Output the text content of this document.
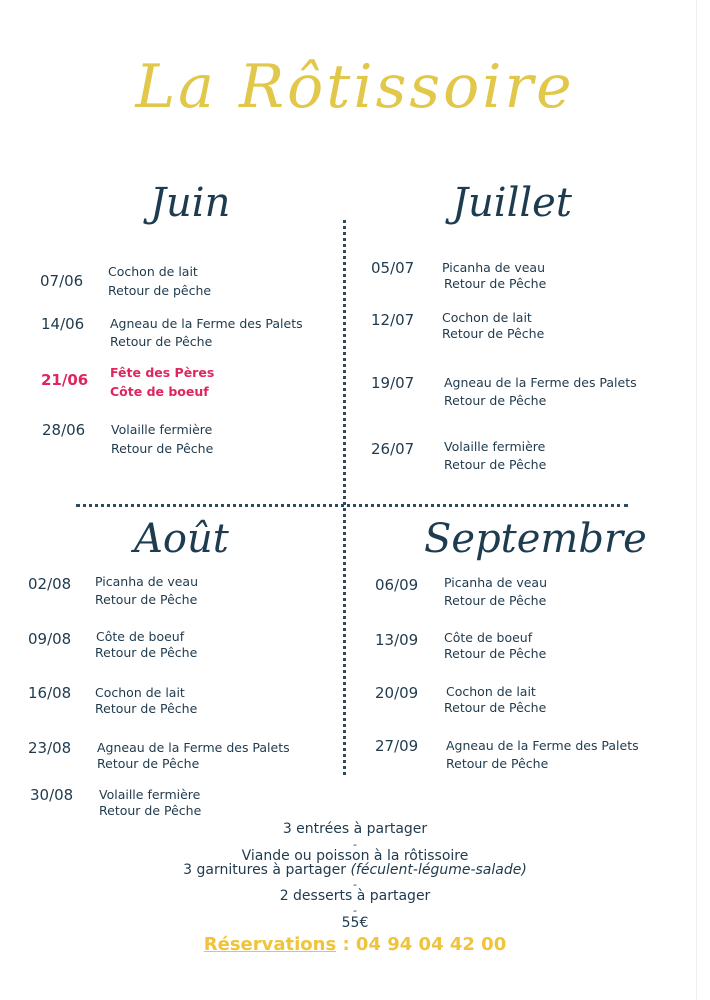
La Rôtissoire
Juin	Juillet
Août	Septembre
07/06
Cochon de lait
Retour de pêche
14/06 Agneau de la Ferme des Palets
Retour de Pêche
21/06 Fête des Pères
Côte de boeuf
28/06 Volaille fermière
Retour de Pêche
05/07 Picanha de veau
Retour de Pêche
12/07 Cochon de lait
Retour de Pêche
19/07 Agneau de la Ferme des Palets
Retour de Pêche
26/07 Volaille fermière
Retour de Pêche
02/08 Picanha de veau
Retour de Pêche
09/08 Côte de boeuf
Retour de Pêche
16/08 Cochon de lait
Retour de Pêche
23/08 Agneau de la Ferme des Palets
Retour de Pêche
30/08 Volaille fermière
Retour de Pêche
06/09 Picanha de veau
Retour de Pêche
13/09 Côte de boeuf
Retour de Pêche
20/09 Cochon de lait
Retour de Pêche
27/09 Agneau de la Ferme des Palets
Retour de Pêche
3 entrées à partager
-
Viande ou poisson à la rôtissoire
3 garnitures à partager (féculent-légume-salade)
-
2 desserts à partager
-
55€
Réservations : 04 94 04 42 00
